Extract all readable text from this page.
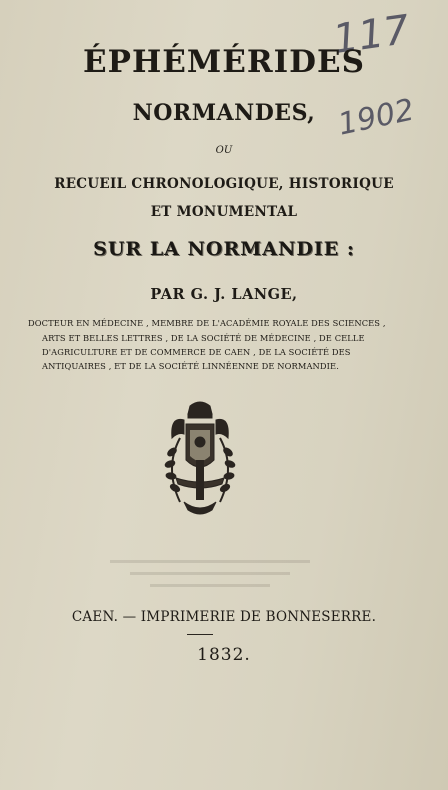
117
1902
ÉPHÉMÉRIDES
NORMANDES,
OU
RECUEIL CHRONOLOGIQUE, HISTORIQUE
ET MONUMENTAL
SUR LA NORMANDIE :
PAR G. J. LANGE,
DOCTEUR EN MÉDECINE , MEMBRE DE L'ACADÉMIE ROYALE DES SCIENCES ,
ARTS ET BELLES LETTRES , DE LA SOCIÉTÉ DE MÉDECINE , DE CELLE
D'AGRICULTURE ET DE COMMERCE DE CAEN , DE LA SOCIÉTÉ DES
ANTIQUAIRES , ET DE LA SOCIÉTÉ LINNÉENNE DE NORMANDIE.
CAEN. — IMPRIMERIE DE BONNESERRE.
1832.
